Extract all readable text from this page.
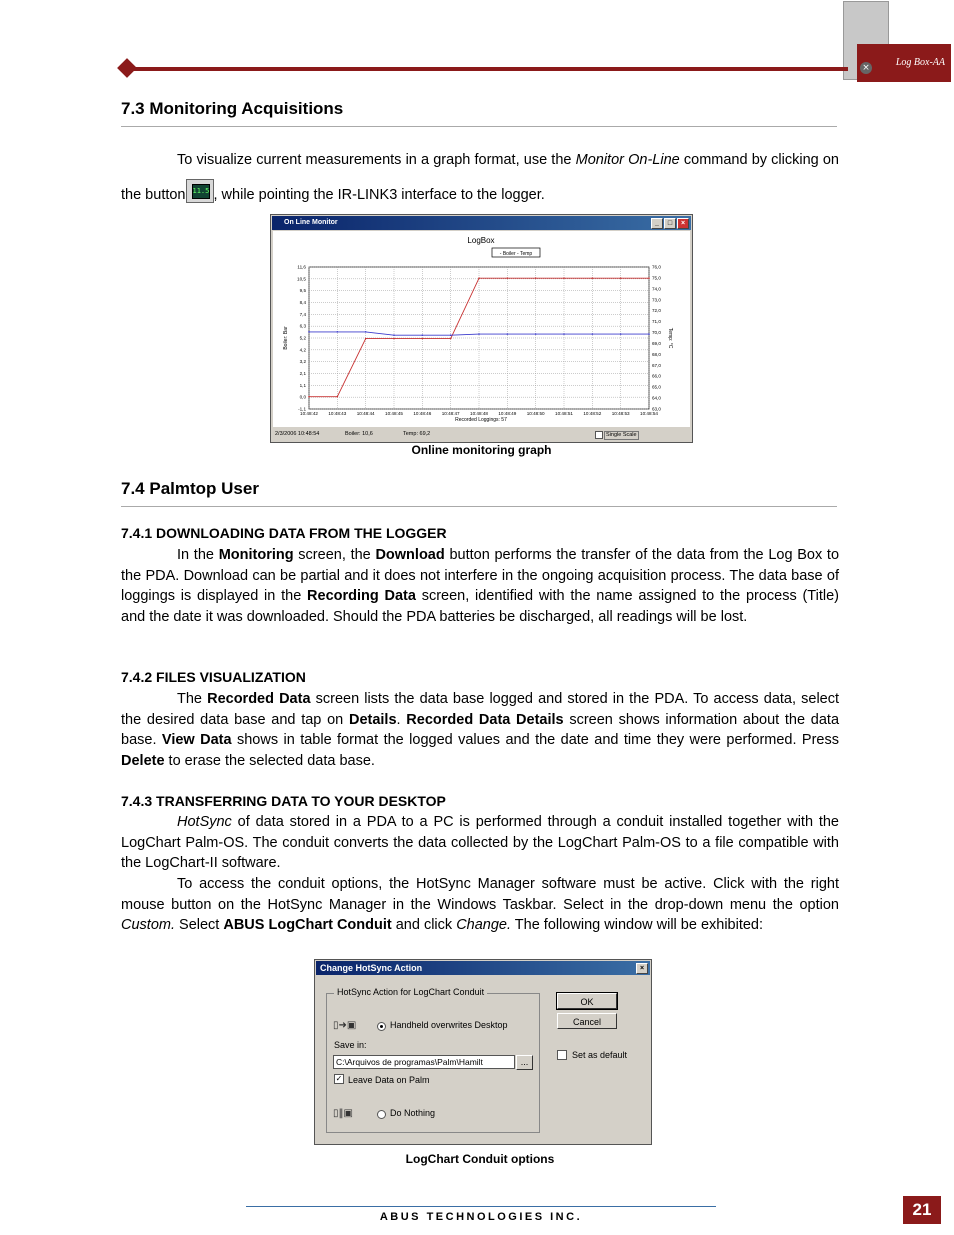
Log Box-AA
×
7.3 Monitoring Acquisitions

To visualize current measurements in a graph format, use the Monitor On-Line command by clicking on the button 11.5 , while pointing the IR-LINK3 interface to the logger.

On Line Monitor	_	□	×
LogBox
- Boiler - Temp
10:48:42 10:48:43 10:48:44 10:48:45 10:48:46 10:48:47 10:48:48 10:48:49 10:48:50 10:48:51 10:48:52 10:48:53 10:48:54
11,6
10,5
9,5
8,4
7,4
6,3
5,2
4,2
3,2
2,1
1,1
0,0
-1,1
76,0
75,0
74,0
73,0
72,0
71,0
70,0
69,0
68,0
67,0
66,0
65,0
64,0
63,0
Boiler: Bar	Temp: °C
Recorded Loggings: 57
2/3/2006 10:48:54	Boiler: 10,6	Temp: 69,2	Single Scale
Online monitoring graph
7.4 Palmtop User

7.4.1 DOWNLOADING DATA FROM THE LOGGER

In the Monitoring screen, the Download button performs the transfer of the data from the Log Box to the PDA. Download can be partial and it does not interfere in the ongoing acquisition process. The data base of loggings is displayed in the Recording Data screen, identified with the name assigned to the process (Title) and the date it was downloaded. Should the PDA batteries be discharged, all readings will be lost.

7.4.2 FILES VISUALIZATION

The Recorded Data screen lists the data base logged and stored in the PDA. To access data, select the desired data base and tap on Details. Recorded Data Details screen shows information about the data base. View Data shows in table format the logged values and the date and time they were performed. Press Delete to erase the selected data base.

7.4.3 TRANSFERRING DATA TO YOUR DESKTOP

HotSync of data stored in a PDA to a PC is performed through a conduit installed together with the LogChart Palm-OS. The conduit converts the data collected by the LogChart Palm-OS to a file compatible with the LogChart-II software.

To access the conduit options, the HotSync Manager software must be active. Click with the right mouse button on the HotSync Manager in the Windows Taskbar. Select in the drop-down menu the option Custom. Select ABUS LogChart Conduit and click Change. The following window will be exhibited:

Change HotSync Action	×
HotSync Action for LogChart Conduit
▯➜▣	Handheld overwrites Desktop
Save in:
C:\Arquivos de programas\Palm\Hamilt	...
✓ Leave Data on Palm
▯‖▣	Do Nothing
OK
Cancel
Set as default
LogChart Conduit options
ABUS TECHNOLOGIES INC.	21
